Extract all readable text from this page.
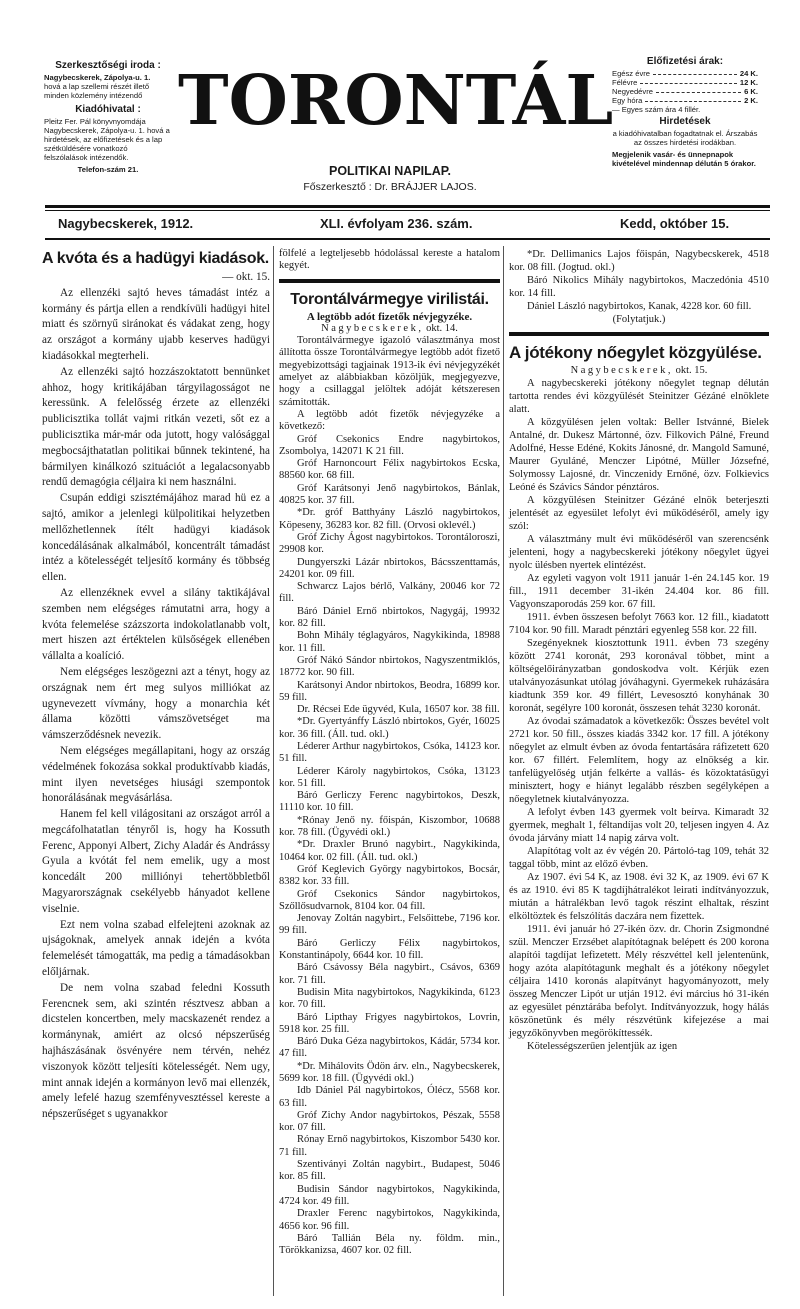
Szerkesztőségi iroda :

Nagybecskerek, Zápolya-u. 1.

hová a lap szellemi részét illető minden közlemény intézendő

Kiadóhivatal :

Pleitz Fer. Pál könyvnyomdája Nagybecskerek, Zápolya-u. 1. hová a hirdetések, az előfizetések és a lap szétküldésére vonatkozó felszólalások intézendők.

Telefon-szám 21.

TORONTÁL
POLITIKAI NAPILAP.
Főszerkesztő : Dr. BRÁJJER LAJOS.
Előfizetési árak:
Egész évre	24 K.
Félévre	12 K.
Negyedévre	6 K.
Egy hóra	2 K.

— Egyes szám ára 4 fillér.

Hirdetések

a kiadóhivatalban fogadtatnak el. Árszabás az összes hirdetési irodákban.

Megjelenik vasár- és ünnepnapok kivételével mindennap délután 5 órakor.

Nagybecskerek, 1912.	XLI. évfolyam 236. szám.	Kedd, október 15.
A kvóta és a hadügyi kiadások.

— okt. 15.

Az ellenzéki sajtó heves támadást intéz a kormány és pártja ellen a rendkívüli hadügyi hitel miatt és szörnyű siránokat és vádakat zeng, hogy az országot a kormány ujabb keserves hadügyi kiadásokkal megterheli.

Az ellenzéki sajtó hozzászoktatott bennünket ahhoz, hogy kritikájában tárgyilagosságot ne keressünk. A felelősség érzete az ellenzéki publicisztika tollát vajmi ritkán vezeti, sőt ez a publicisztika már-már oda jutott, hogy valósággal megbocsájthatatlan politikai bűnnek tekintené, ha bármilyen kinálkozó szituációt a legalacsonyabb rendű demagógia céljaira ki nem használni.

Csupán eddigi szisztémájához marad hü ez a sajtó, amikor a jelenlegi külpolitikai helyzetben mellőzhetlennek ítélt hadügyi kiadások koncedálásának alkalmából, koncentrált támadást intéz a kötelességét teljesítő kormány és többség ellen.

Az ellenzéknek evvel a silány taktikájával szemben nem elégséges rámutatni arra, hogy a kvóta felemelése százszorta indokolatlanabb volt, mert hiszen azt értéktelen külsőségek ellenében vállalta a koalíció.

Nem elégséges leszögezni azt a tényt, hogy az országnak nem ért meg sulyos milliókat az ugynevezett vívmány, hogy a monarchia két állama közötti vámszövetséget ma vámszerződésnek nevezik.

Nem elégséges megállapitani, hogy az ország védelmének fokozása sokkal produktívabb kiadás, mint ilyen nevetséges hiusági szempontok honorálásának megvásárlása.

Hanem fel kell világositani az országot arról a megcáfolhatatlan tényről is, hogy ha Kossuth Ferenc, Apponyi Albert, Zichy Aladár és Andrássy Gyula a kvótát fel nem emelik, ugy a most koncedált 200 milliónyi tehertöbbletből Magyarországnak csekélyebb hányadot kellene viselnie.

Ezt nem volna szabad elfelejteni azoknak az ujságoknak, amelyek annak idején a kvóta felemelését támogatták, ma pedig a támadásokban előljárnak.

De nem volna szabad feledni Kossuth Ferencnek sem, aki szintén résztvesz abban a dicstelen koncertben, mely macskazenét rendez a kormánynak, amiért az olcsó népszerűség hajhászásának ösvényére nem térvén, nehéz viszonyok között teljesíti kötelességét. Nem ugy, mint annak idején a kormányon levő mai ellenzék, amely lefelé hazug szemfényvesztéssel kereste a népszerűséget s ugyanakkor

fölfelé a legteljesebb hódolással kereste a hatalom kegyét.

Torontálvármegye virilistái.

A legtöbb adót fizetők névjegyzéke.

Nagybecskerek, okt. 14.

Torontálvármegye igazoló választmánya most állította össze Torontálvármegye legtöbb adót fizető megyebizottsági tagjainak 1913-ik évi névjegyzékét amelyet az alábbiakban közöljük, megjegyezve, hogy a csillaggal jelöltek adóját kétszeresen számitották.

A legtöbb adót fizetők névjegyzéke a következő:

Gróf Csekonics Endre nagybirtokos, Zsombolya, 142071 K 21 fill.

Gróf Harnoncourt Félix nagybirtokos Ecska, 88560 kor. 68 fill.

Gróf Karátsonyi Jenő nagybirtokos, Bánlak, 40825 kor. 37 fill.

*Dr. gróf Batthyány László nagybirtokos, Köpeseny, 36283 kor. 82 fill. (Orvosi oklevél.)

Gróf Zichy Ágost nagybirtokos. Torontáloroszi, 29908 kor.

Dungyerszki Lázár nbirtokos, Bácsszenttamás, 24201 kor. 09 fill.

Schwarcz Lajos bérlő, Valkány, 20046 kor 72 fill.

Báró Dániel Ernő nbirtokos, Nagygáj, 19932 kor. 82 fill.

Bohn Mihály téglagyáros, Nagykikinda, 18988 kor. 11 fill.

Gróf Nákó Sándor nbirtokos, Nagyszentmiklós, 18772 kor. 90 fill.

Karátsonyi Andor nbirtokos, Beodra, 16899 kor. 59 fill.

Dr. Récsei Ede ügyvéd, Kula, 16507 kor. 38 fill.

*Dr. Gyertyánffy László nbirtokos, Gyér, 16025 kor. 36 fill. (Áll. tud. okl.)

Léderer Arthur nagybirtokos, Csóka, 14123 kor. 51 fill.

Léderer Károly nagybirtokos, Csóka, 13123 kor. 51 fill.

Báró Gerliczy Ferenc nagybirtokos, Deszk, 11110 kor. 10 fill.

*Rónay Jenő ny. főispán, Kiszombor, 10688 kor. 78 fill. (Ügyvédi okl.)

*Dr. Draxler Brunó nagybirt., Nagykikinda, 10464 kor. 02 fill. (Áll. tud. okl.)

Gróf Keglevich György nagybirtokos, Bocsár, 8382 kor. 33 fill.

Gróf Csekonics Sándor nagybirtokos, Szőllősudvarnok, 8104 kor. 04 fill.

Jenovay Zoltán nagybirt., Felsőittebe, 7196 kor. 99 fill.

Báró Gerliczy Félix nagybirtokos, Konstantinápoly, 6644 kor. 10 fill.

Báró Csávossy Béla nagybirt., Csávos, 6369 kor. 71 fill.

Budisin Mita nagybirtokos, Nagykikinda, 6123 kor. 70 fill.

Báró Lipthay Frigyes nagybirtokos, Lovrin, 5918 kor. 25 fill.

Báró Duka Géza nagybirtokos, Kádár, 5734 kor. 47 fill.

*Dr. Mihálovits Ödön árv. eln., Nagybecskerek, 5699 kor. 18 fill. (Ügyvédi okl.)

Idb Dániel Pál nagybirtokos, Ólécz, 5568 kor. 63 fill.

Gróf Zichy Andor nagybirtokos, Pészak, 5558 kor. 07 fill.

Rónay Ernő nagybirtokos, Kiszombor 5430 kor. 71 fill.

Szentiványi Zoltán nagybirt., Budapest, 5046 kor. 85 fill.

Budisin Sándor nagybirtokos, Nagykikinda, 4724 kor. 49 fill.

Draxler Ferenc nagybirtokos, Nagykikinda, 4656 kor. 96 fill.

Báró Tallián Béla ny. földm. min., Törökkanizsa, 4607 kor. 02 fill.

*Dr. Dellimanics Lajos főispán, Nagybecskerek, 4518 kor. 08 fill. (Jogtud. okl.)

Báró Nikolics Mihály nagybirtokos, Maczedónia 4510 kor. 14 fill.

Dániel László nagybirtokos, Kanak, 4228 kor. 60 fill.

(Folytatjuk.)

A jótékony nőegylet közgyülése.

Nagybecskerek, okt. 15.

A nagybecskereki jótékony nőegylet tegnap délután tartotta rendes évi közgyülését Steinitzer Gézáné elnöklete alatt.

A közgyülésen jelen voltak: Beller Istvánné, Bielek Antalné, dr. Dukesz Mártonné, özv. Filkovich Pálné, Freund Adolfné, Hesse Edéné, Kokits Jánosné, dr. Mangold Samuné, Maurer Gyuláné, Menczer Lipótné, Müller Józsefné, Solymossy Lajosné, dr. Vinczenidy Ernőné, özv. Folkievics Leóné és Szávics Sándor pénztáros.

A közgyülésen Steinitzer Gézáné elnök beterjeszti jelentését az egyesület lefolyt évi működéséről, amely igy szól:

A választmány mult évi működéséről van szerencsénk jelenteni, hogy a nagybecskereki jótékony nőegylet ügyei nyolc ülésben nyertek elintézést.

Az egyleti vagyon volt 1911 január 1-én 24.145 kor. 19 fill., 1911 december 31-ikén 24.404 kor. 86 fill. Vagyonszaporodás 259 kor. 67 fill.

1911. évben összesen befolyt 7663 kor. 12 fill., kiadatott 7104 kor. 90 fill. Maradt pénztári egyenleg 558 kor. 22 fill.

Szegényeknek kiosztottunk 1911. évben 73 szegény között 2741 koronát, 293 koronával többet, mint a költségelőirányzatban gondoskodva volt. Kérjük ezen utalványozásunkat utólag jóváhagyni. Gyermekek ruházására kiadtunk 359 kor. 49 fillért, Levesosztó konyhának 30 koronát, segélyre 100 koronát, összesen tehát 3230 koronát.

Az óvodai számadatok a következők: Összes bevétel volt 2721 kor. 50 fill., összes kiadás 3342 kor. 17 fill. A jótékony nőegylet az elmult évben az óvoda fentartására ráfizetett 620 kor. 67 fillért. Felemlítem, hogy az elnökség a kir. tanfelügyelőség utján felkérte a vallás- és közoktatásügyi minisztert, hogy e hiányt legalább részben segélyképen a nőegyletnek kiutalványozza.

A lefolyt évben 143 gyermek volt beírva. Kimaradt 32 gyermek, meghalt 1, féltandíjas volt 20, teljesen ingyen 4. Az óvoda járvány miatt 14 napig zárva volt.

Alapítótag volt az év végén 20. Pártoló-tag 109, tehát 32 taggal több, mint az előző évben.

Az 1907. évi 54 K, az 1908. évi 32 K, az 1909. évi 67 K és az 1910. évi 85 K tagdíjhátralékot leirati indítványozzuk, miután a hátralékban levő tagok részint elhaltak, részint elköltöztek és felszólítás daczára nem fizettek.

1911. évi január hó 27-ikén özv. dr. Chorin Zsigmondné szül. Menczer Erzsébet alapítótagnak belépett és 200 korona alapítói tagdíjat lefizetett. Mély részvéttel kell jelentenünk, hogy azóta alapítótagunk meghalt és a jótékony nőegylet céljaira 1410 koronás alapítványt hagyományozott, mely összeg Menczer Lipót ur utján 1912. évi március hó 31-ikén az egyesület pénztárába befolyt. Indítványozzuk, hogy hálás köszönetünk és mély részvétünk kifejezése a mai jegyzőkönyvben megörökíttessék.

Kötelességszerűen jelentjük az igen
